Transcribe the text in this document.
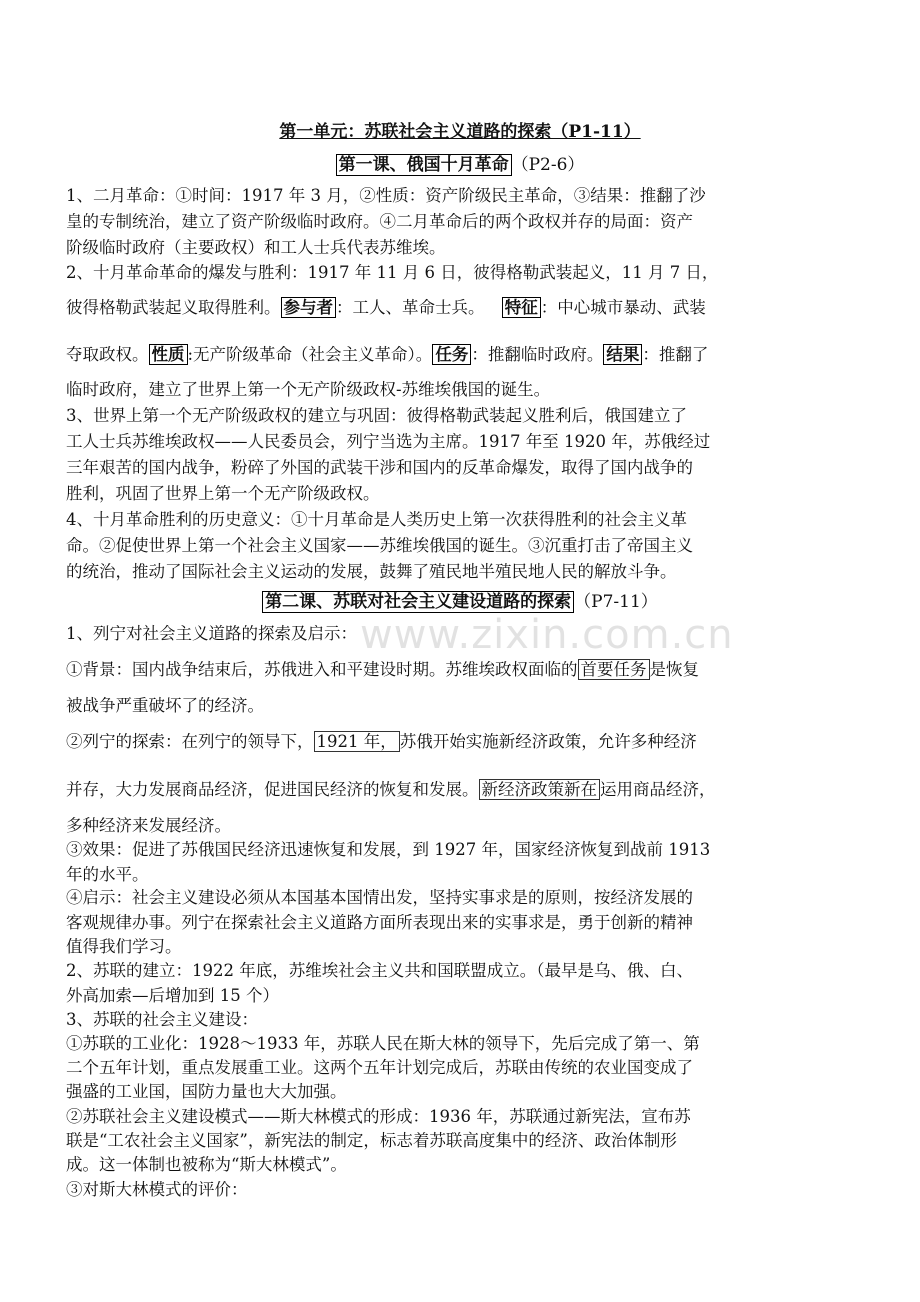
第一单元：苏联社会主义道路的探索（P1-11）
第一课、俄国十月革命 （P2-6）
1、二月革命：①时间：1917 年 3 月，②性质：资产阶级民主革命，③结果：推翻了沙
皇的专制统治，建立了资产阶级临时政府。④二月革命后的两个政权并存的局面：资产
阶级临时政府（主要政权）和工人士兵代表苏维埃。
2、十月革命革命的爆发与胜利：1917 年 11 月 6 日，彼得格勒武装起义，11 月 7 日，
彼得格勒武装起义取得胜利。 参与者 ：工人、革命士兵。 特征 ：中心城市暴动、武装
夺取政权。 性质 :无产阶级革命（社会主义革命）。 任务 ：推翻临时政府。 结果 ：推翻了
临时政府，建立了世界上第一个无产阶级政权-苏维埃俄国的诞生。
3、世界上第一个无产阶级政权的建立与巩固：彼得格勒武装起义胜利后，俄国建立了
工人士兵苏维埃政权——人民委员会，列宁当选为主席。1917 年至 1920 年，苏俄经过
三年艰苦的国内战争，粉碎了外国的武装干涉和国内的反革命爆发，取得了国内战争的
胜利，巩固了世界上第一个无产阶级政权。
4、十月革命胜利的历史意义：①十月革命是人类历史上第一次获得胜利的社会主义革
命。②促使世界上第一个社会主义国家——苏维埃俄国的诞生。③沉重打击了帝国主义
的统治，推动了国际社会主义运动的发展，鼓舞了殖民地半殖民地人民的解放斗争。
第二课、苏联对社会主义建设道路的探索 （P7-11）
1、列宁对社会主义道路的探索及启示：
①背景：国内战争结束后，苏俄进入和平建设时期。苏维埃政权面临的 首要任务 是恢复
被战争严重破坏了的经济。
②列宁的探索：在列宁的领导下， 1921 年， 苏俄开始实施新经济政策，允许多种经济
并存，大力发展商品经济，促进国民经济的恢复和发展。 新经济政策新在 运用商品经济，
多种经济来发展经济。
③效果：促进了苏俄国民经济迅速恢复和发展，到 1927 年，国家经济恢复到战前 1913
年的水平。
④启示：社会主义建设必须从本国基本国情出发，坚持实事求是的原则，按经济发展的
客观规律办事。列宁在探索社会主义道路方面所表现出来的实事求是，勇于创新的精神
值得我们学习。
2、苏联的建立：1922 年底，苏维埃社会主义共和国联盟成立。（最早是乌、俄、白、
外高加索—后增加到 15 个）
3、苏联的社会主义建设：
①苏联的工业化：1928～1933 年，苏联人民在斯大林的领导下，先后完成了第一、第
二个五年计划，重点发展重工业。这两个五年计划完成后，苏联由传统的农业国变成了
强盛的工业国，国防力量也大大加强。
②苏联社会主义建设模式——斯大林模式的形成：1936 年，苏联通过新宪法，宣布苏
联是“工农社会主义国家”，新宪法的制定，标志着苏联高度集中的经济、政治体制形
成。这一体制也被称为“斯大林模式”。
③对斯大林模式的评价：
www.zixin.com.cn
